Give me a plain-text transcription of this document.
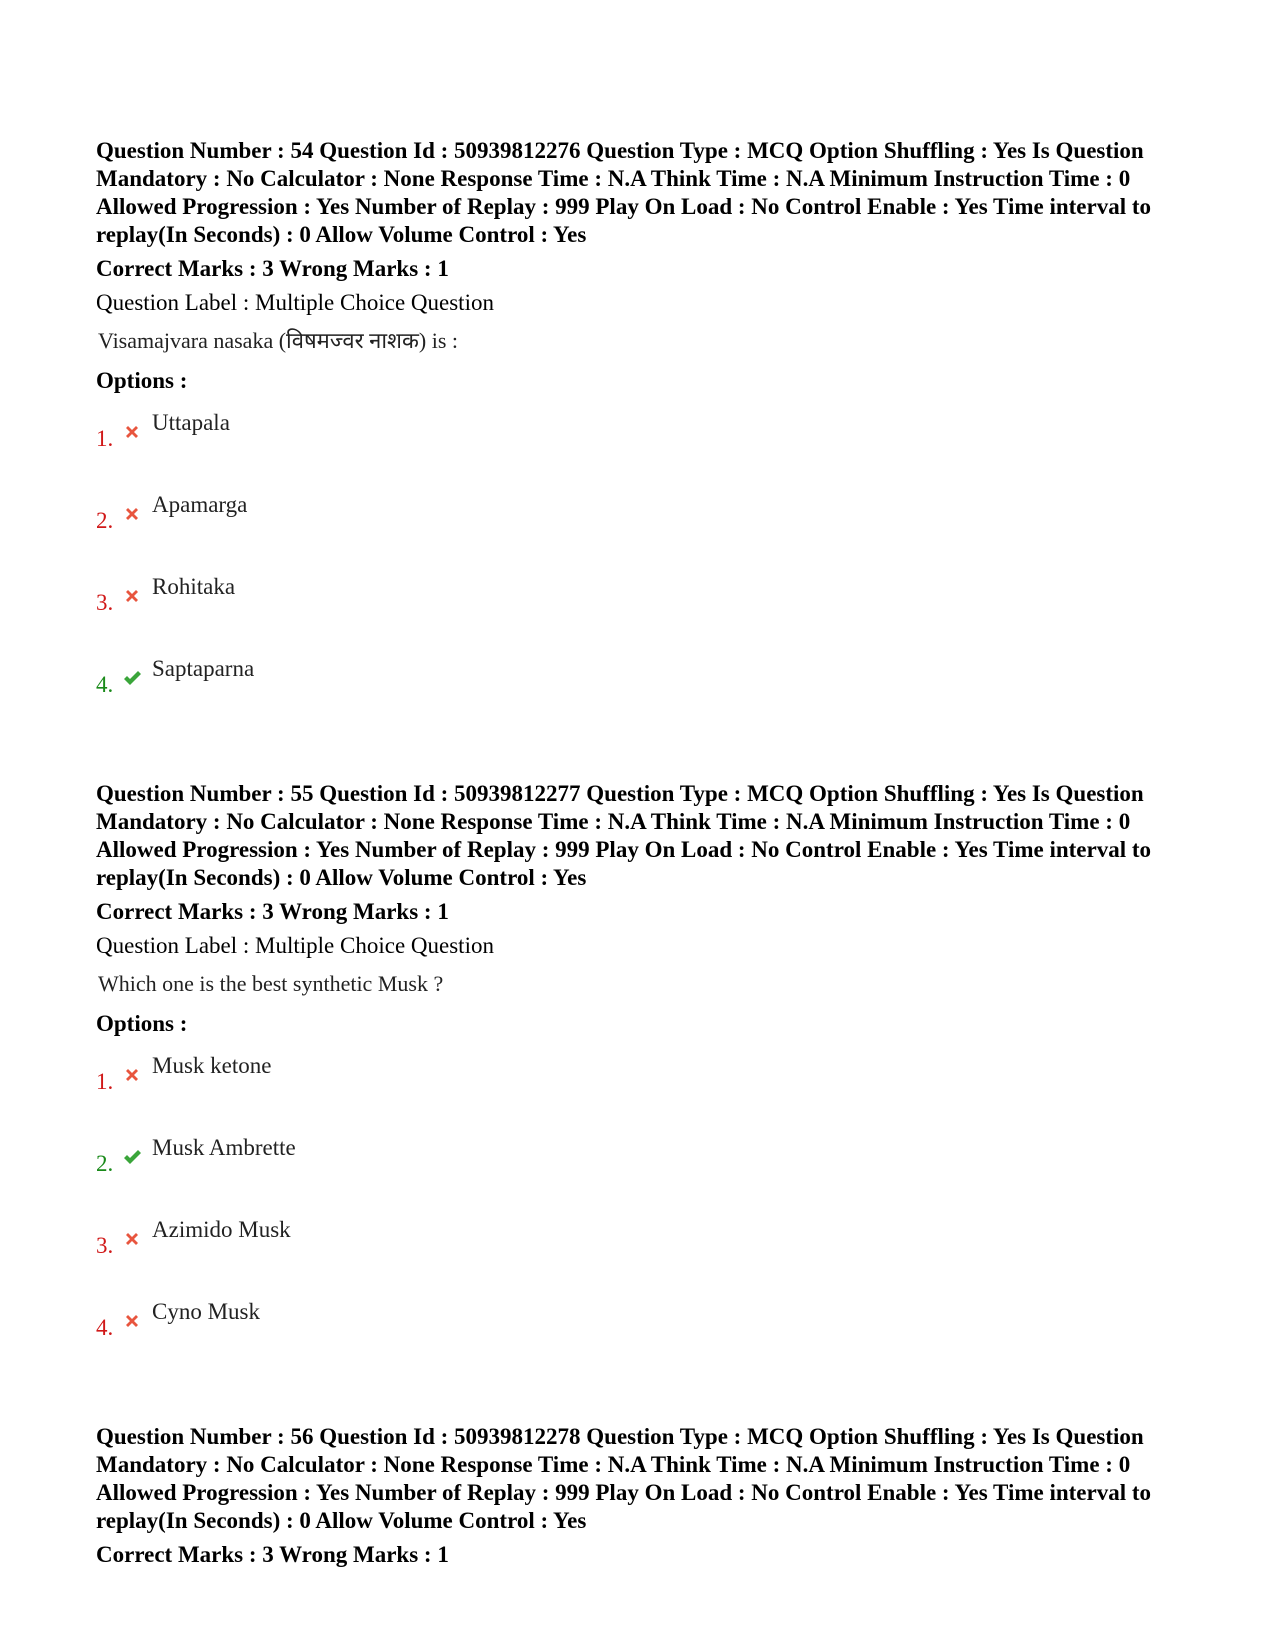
Question Number : 54 Question Id : 50939812276 Question Type : MCQ Option Shuffling : Yes Is Question Mandatory : No Calculator : None Response Time : N.A Think Time : N.A Minimum Instruction Time : 0 Allowed Progression : Yes Number of Replay : 999 Play On Load : No Control Enable : Yes Time interval to replay(In Seconds) : 0 Allow Volume Control : Yes

Correct Marks : 3 Wrong Marks : 1
Question Label : Multiple Choice Question
Visamajvara nasaka (विषमज्वर नाशक) is :
Options :
1.
Uttapala
2.
Apamarga
3.
Rohitaka
4.
Saptaparna

Question Number : 55 Question Id : 50939812277 Question Type : MCQ Option Shuffling : Yes Is Question Mandatory : No Calculator : None Response Time : N.A Think Time : N.A Minimum Instruction Time : 0 Allowed Progression : Yes Number of Replay : 999 Play On Load : No Control Enable : Yes Time interval to replay(In Seconds) : 0 Allow Volume Control : Yes

Correct Marks : 3 Wrong Marks : 1
Question Label : Multiple Choice Question
Which one is the best synthetic Musk ?
Options :
1.
Musk ketone
2.
Musk Ambrette
3.
Azimido Musk
4.
Cyno Musk

Question Number : 56 Question Id : 50939812278 Question Type : MCQ Option Shuffling : Yes Is Question Mandatory : No Calculator : None Response Time : N.A Think Time : N.A Minimum Instruction Time : 0 Allowed Progression : Yes Number of Replay : 999 Play On Load : No Control Enable : Yes Time interval to replay(In Seconds) : 0 Allow Volume Control : Yes

Correct Marks : 3 Wrong Marks : 1
